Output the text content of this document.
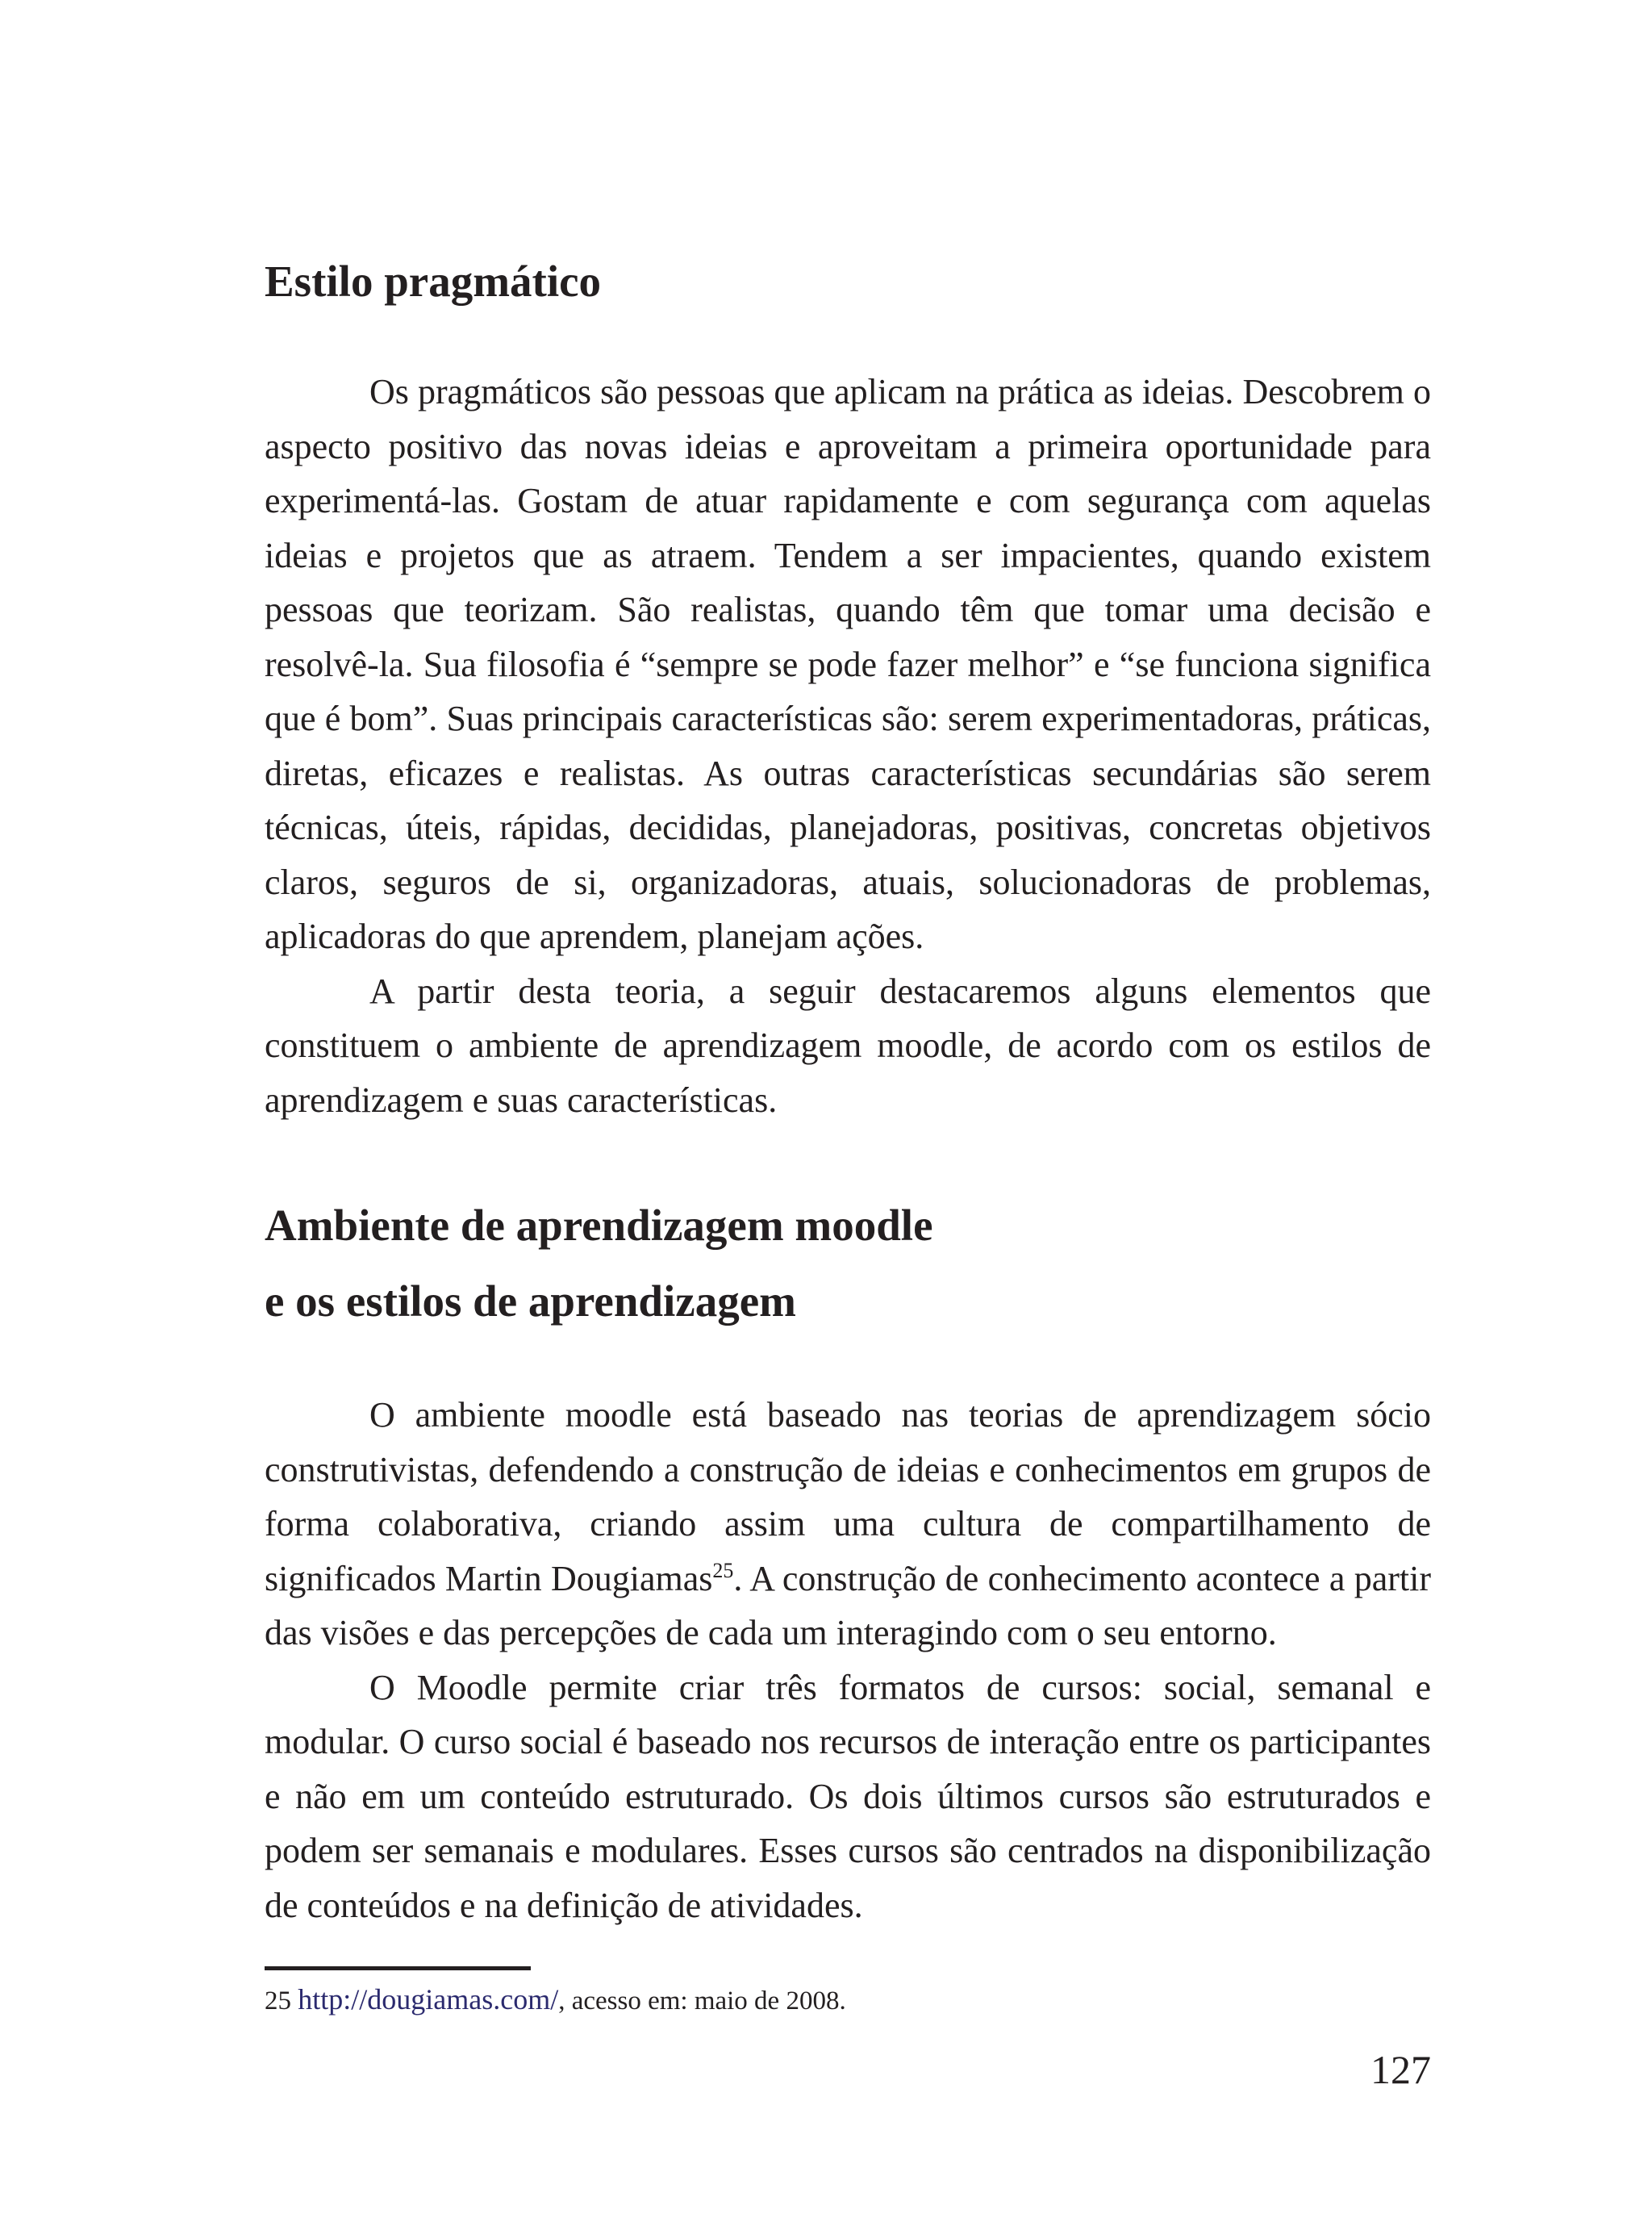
Estilo pragmático

Os pragmáticos são pessoas que aplicam na prática as ideias. Descobrem o aspecto positivo das novas ideias e aproveitam a primeira oportunidade para experimentá-las. Gostam de atuar rapidamente e com segurança com aquelas ideias e projetos que as atraem. Tendem a ser impacientes, quando existem pessoas que teorizam. São realistas, quando têm que tomar uma decisão e resolvê-la. Sua filosofia é “sempre se pode fazer melhor” e “se funciona significa que é bom”. Suas principais características são: serem experimentadoras, práticas, diretas, eficazes e realistas. As outras características secundárias são serem técnicas, úteis, rápidas, decididas, planejadoras, positivas, concretas objetivos claros, seguros de si, organizadoras, atuais, solucionadoras de problemas, aplicadoras do que aprendem, planejam ações.

A partir desta teoria, a seguir destacaremos alguns elementos que constituem o ambiente de aprendizagem moodle, de acordo com os estilos de aprendizagem e suas características.

Ambiente de aprendizagem moodle
e os estilos de aprendizagem

O ambiente moodle está baseado nas teorias de aprendizagem sócio construtivistas, defendendo a construção de ideias e conhecimentos em grupos de forma colaborativa, criando assim uma cultura de compartilhamento de significados Martin Dougiamas$^{25}$. A construção de conhecimento acontece a partir das visões e das percepções de cada um interagindo com o seu entorno.

O Moodle permite criar três formatos de cursos: social, semanal e modular. O curso social é baseado nos recursos de interação entre os participantes e não em um conteúdo estruturado. Os dois últimos cursos são estruturados e podem ser semanais e modulares. Esses cursos são centrados na disponibilização de conteúdos e na definição de atividades.

25 http://dougiamas.com/, acesso em: maio de 2008.
127
